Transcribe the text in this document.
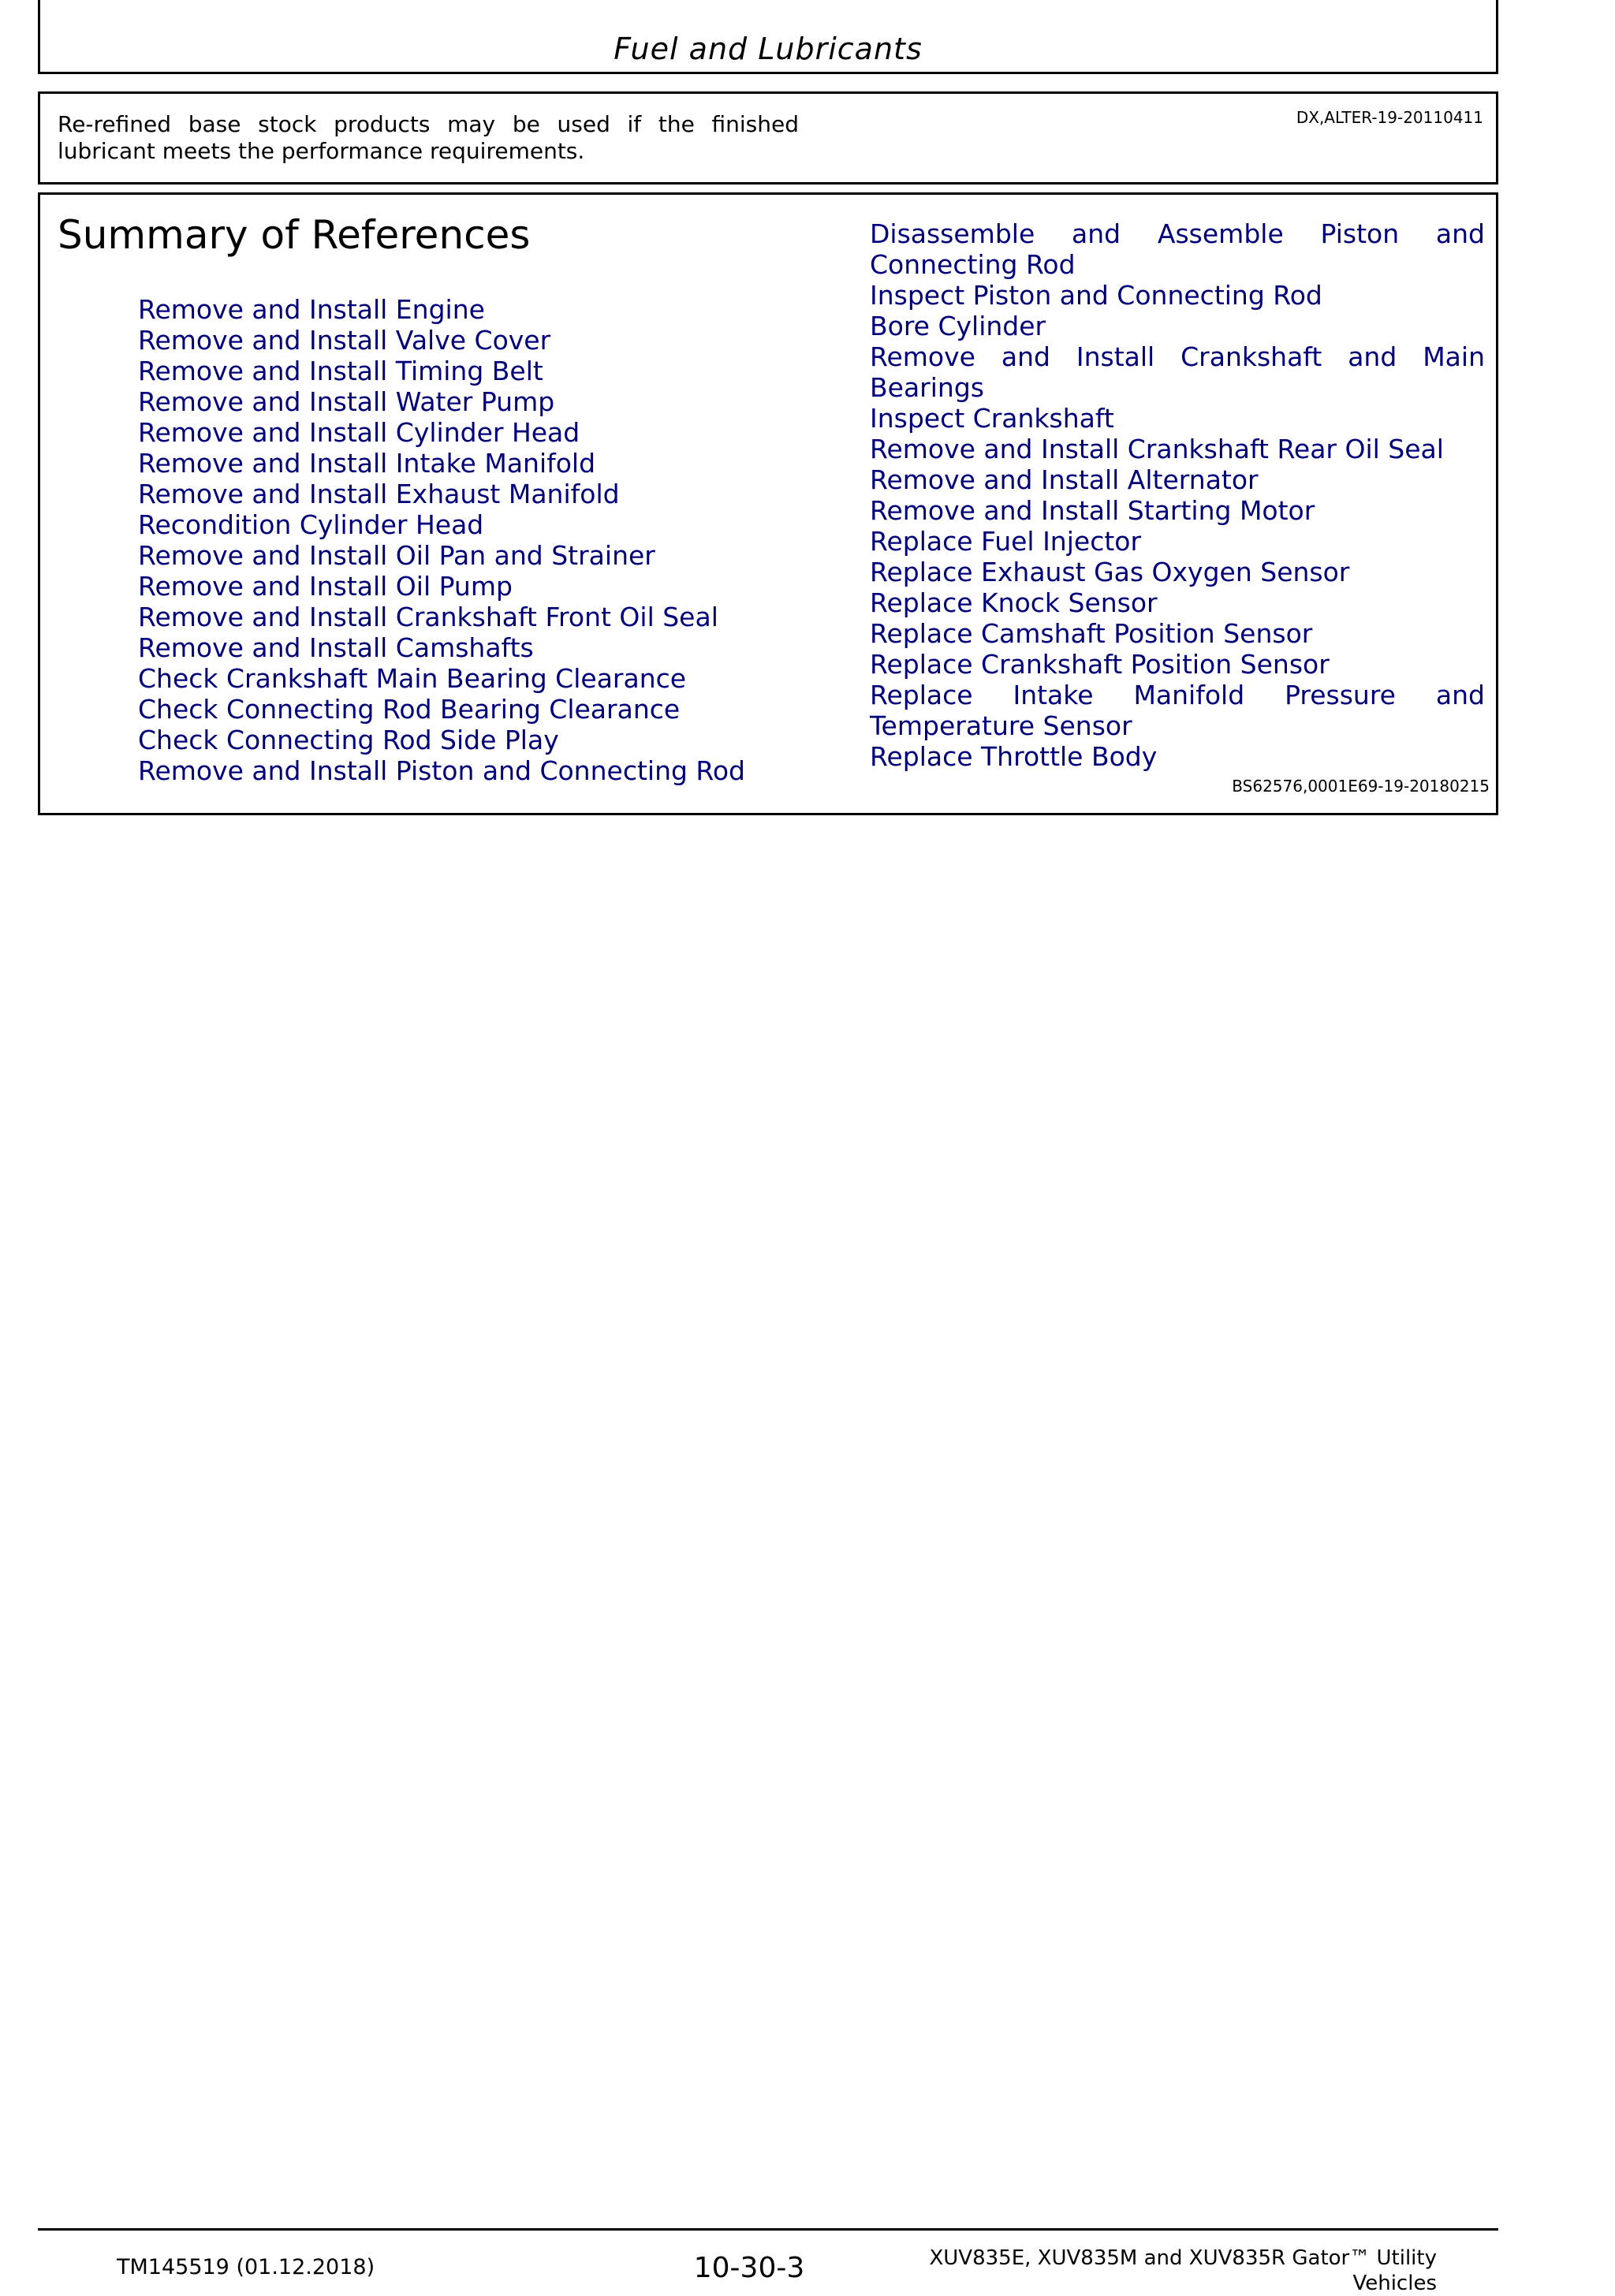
Fuel and Lubricants
Re-refined base stock products may be used if the finished lubricant meets the performance requirements.
DX,ALTER-19-20110411
Summary of References
Remove and Install Engine
Remove and Install Valve Cover
Remove and Install Timing Belt
Remove and Install Water Pump
Remove and Install Cylinder Head
Remove and Install Intake Manifold
Remove and Install Exhaust Manifold
Recondition Cylinder Head
Remove and Install Oil Pan and Strainer
Remove and Install Oil Pump
Remove and Install Crankshaft Front Oil Seal
Remove and Install Camshafts
Check Crankshaft Main Bearing Clearance
Check Connecting Rod Bearing Clearance
Check Connecting Rod Side Play
Remove and Install Piston and Connecting Rod
Disassemble and Assemble Piston and Connecting Rod
Inspect Piston and Connecting Rod
Bore Cylinder
Remove and Install Crankshaft and Main Bearings
Inspect Crankshaft
Remove and Install Crankshaft Rear Oil Seal
Remove and Install Alternator
Remove and Install Starting Motor
Replace Fuel Injector
Replace Exhaust Gas Oxygen Sensor
Replace Knock Sensor
Replace Camshaft Position Sensor
Replace Crankshaft Position Sensor
Replace Intake Manifold Pressure and Temperature Sensor
Replace Throttle Body
BS62576,0001E69-19-20180215
TM145519 (01.12.2018)	10-30-3	XUV835E, XUV835M and XUV835R Gator™ Utility
Vehicles
